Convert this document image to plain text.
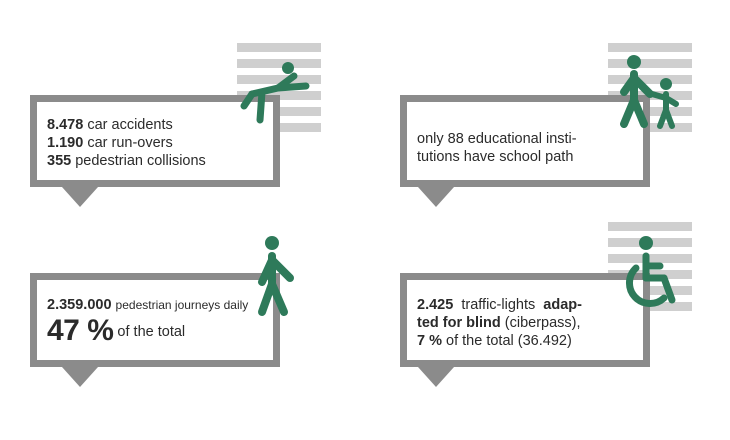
8.478 car accidents
1.190 car run-overs
355 pedestrian collisions
only 88 educational insti-
tutions have school path
2.359.000 pedestrian journeys daily
47 % of the total
2.425 traffic-lights adap-
ted for blind (ciberpass),
7 % of the total (36.492)
